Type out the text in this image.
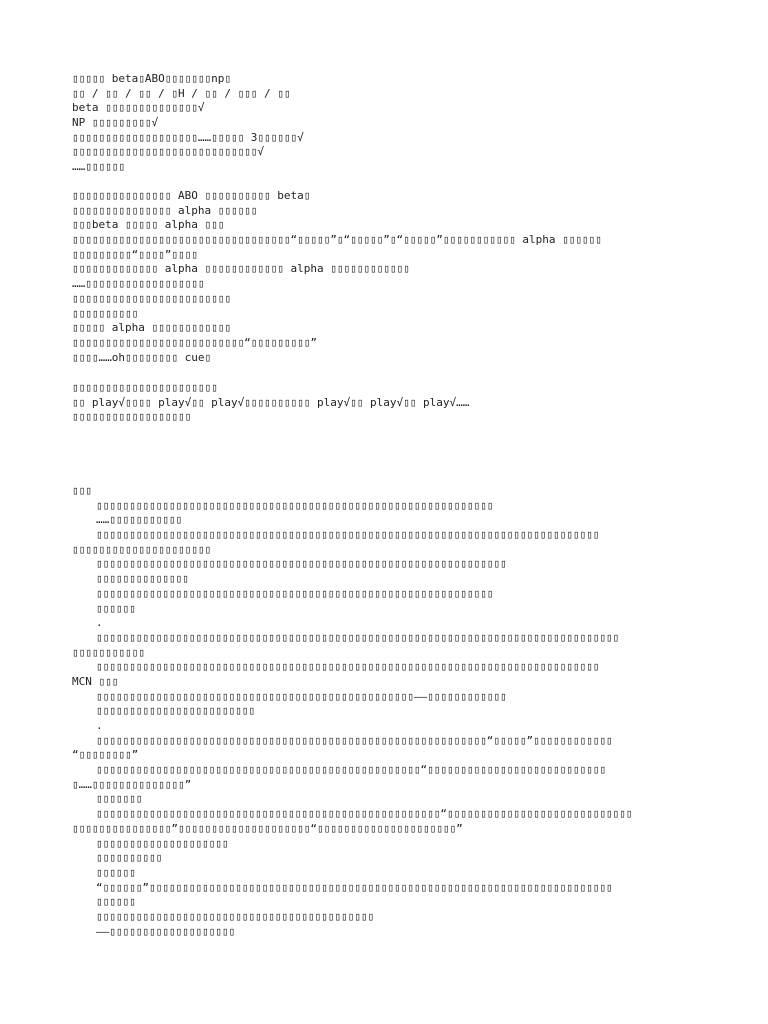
▯▯▯▯▯ beta▯ABO▯▯▯▯▯▯▯np▯
▯▯ / ▯▯ / ▯▯ / ▯H / ▯▯ / ▯▯▯ / ▯▯
beta ▯▯▯▯▯▯▯▯▯▯▯▯▯▯√
NP ▯▯▯▯▯▯▯▯▯√
▯▯▯▯▯▯▯▯▯▯▯▯▯▯▯▯▯▯▯……▯▯▯▯▯ 3▯▯▯▯▯▯√
▯▯▯▯▯▯▯▯▯▯▯▯▯▯▯▯▯▯▯▯▯▯▯▯▯▯▯▯√
……▯▯▯▯▯▯
▯▯▯▯▯▯▯▯▯▯▯▯▯▯▯ ABO ▯▯▯▯▯▯▯▯▯▯ beta▯
▯▯▯▯▯▯▯▯▯▯▯▯▯▯▯ alpha ▯▯▯▯▯▯
▯▯▯beta ▯▯▯▯▯ alpha ▯▯▯
▯▯▯▯▯▯▯▯▯▯▯▯▯▯▯▯▯▯▯▯▯▯▯▯▯▯▯▯▯▯▯▯▯“▯▯▯▯▯”▯“▯▯▯▯▯”▯“▯▯▯▯▯”▯▯▯▯▯▯▯▯▯▯▯ alpha ▯▯▯▯▯▯
▯▯▯▯▯▯▯▯▯“▯▯▯▯”▯▯▯▯
▯▯▯▯▯▯▯▯▯▯▯▯▯ alpha ▯▯▯▯▯▯▯▯▯▯▯▯ alpha ▯▯▯▯▯▯▯▯▯▯▯▯
……▯▯▯▯▯▯▯▯▯▯▯▯▯▯▯▯▯▯
▯▯▯▯▯▯▯▯▯▯▯▯▯▯▯▯▯▯▯▯▯▯▯▯
▯▯▯▯▯▯▯▯▯▯
▯▯▯▯▯ alpha ▯▯▯▯▯▯▯▯▯▯▯▯
▯▯▯▯▯▯▯▯▯▯▯▯▯▯▯▯▯▯▯▯▯▯▯▯▯▯“▯▯▯▯▯▯▯▯▯”
▯▯▯▯……oh▯▯▯▯▯▯▯▯ cue▯
▯▯▯▯▯▯▯▯▯▯▯▯▯▯▯▯▯▯▯▯▯▯
▯▯ play√▯▯▯▯ play√▯▯ play√▯▯▯▯▯▯▯▯▯▯ play√▯▯ play√▯▯ play√……
▯▯▯▯▯▯▯▯▯▯▯▯▯▯▯▯▯▯
▯▯▯
▯▯▯▯▯▯▯▯▯▯▯▯▯▯▯▯▯▯▯▯▯▯▯▯▯▯▯▯▯▯▯▯▯▯▯▯▯▯▯▯▯▯▯▯▯▯▯▯▯▯▯▯▯▯▯▯▯▯▯▯
……▯▯▯▯▯▯▯▯▯▯▯
▯▯▯▯▯▯▯▯▯▯▯▯▯▯▯▯▯▯▯▯▯▯▯▯▯▯▯▯▯▯▯▯▯▯▯▯▯▯▯▯▯▯▯▯▯▯▯▯▯▯▯▯▯▯▯▯▯▯▯▯▯▯▯▯▯▯▯▯▯▯▯▯▯▯▯▯
▯▯▯▯▯▯▯▯▯▯▯▯▯▯▯▯▯▯▯▯▯
▯▯▯▯▯▯▯▯▯▯▯▯▯▯▯▯▯▯▯▯▯▯▯▯▯▯▯▯▯▯▯▯▯▯▯▯▯▯▯▯▯▯▯▯▯▯▯▯▯▯▯▯▯▯▯▯▯▯▯▯▯▯
▯▯▯▯▯▯▯▯▯▯▯▯▯▯
▯▯▯▯▯▯▯▯▯▯▯▯▯▯▯▯▯▯▯▯▯▯▯▯▯▯▯▯▯▯▯▯▯▯▯▯▯▯▯▯▯▯▯▯▯▯▯▯▯▯▯▯▯▯▯▯▯▯▯▯
▯▯▯▯▯▯
.
▯▯▯▯▯▯▯▯▯▯▯▯▯▯▯▯▯▯▯▯▯▯▯▯▯▯▯▯▯▯▯▯▯▯▯▯▯▯▯▯▯▯▯▯▯▯▯▯▯▯▯▯▯▯▯▯▯▯▯▯▯▯▯▯▯▯▯▯▯▯▯▯▯▯▯▯▯▯▯
▯▯▯▯▯▯▯▯▯▯▯
▯▯▯▯▯▯▯▯▯▯▯▯▯▯▯▯▯▯▯▯▯▯▯▯▯▯▯▯▯▯▯▯▯▯▯▯▯▯▯▯▯▯▯▯▯▯▯▯▯▯▯▯▯▯▯▯▯▯▯▯▯▯▯▯▯▯▯▯▯▯▯▯▯▯▯▯
MCN ▯▯▯
▯▯▯▯▯▯▯▯▯▯▯▯▯▯▯▯▯▯▯▯▯▯▯▯▯▯▯▯▯▯▯▯▯▯▯▯▯▯▯▯▯▯▯▯▯▯▯▯——▯▯▯▯▯▯▯▯▯▯▯▯
▯▯▯▯▯▯▯▯▯▯▯▯▯▯▯▯▯▯▯▯▯▯▯▯
.
▯▯▯▯▯▯▯▯▯▯▯▯▯▯▯▯▯▯▯▯▯▯▯▯▯▯▯▯▯▯▯▯▯▯▯▯▯▯▯▯▯▯▯▯▯▯▯▯▯▯▯▯▯▯▯▯▯▯▯“▯▯▯▯▯”▯▯▯▯▯▯▯▯▯▯▯▯
“▯▯▯▯▯▯▯▯”
▯▯▯▯▯▯▯▯▯▯▯▯▯▯▯▯▯▯▯▯▯▯▯▯▯▯▯▯▯▯▯▯▯▯▯▯▯▯▯▯▯▯▯▯▯▯▯▯▯“▯▯▯▯▯▯▯▯▯▯▯▯▯▯▯▯▯▯▯▯▯▯▯▯▯▯▯
▯……▯▯▯▯▯▯▯▯▯▯▯▯▯▯”
▯▯▯▯▯▯▯
▯▯▯▯▯▯▯▯▯▯▯▯▯▯▯▯▯▯▯▯▯▯▯▯▯▯▯▯▯▯▯▯▯▯▯▯▯▯▯▯▯▯▯▯▯▯▯▯▯▯▯▯“▯▯▯▯▯▯▯▯▯▯▯▯▯▯▯▯▯▯▯▯▯▯▯▯▯▯▯▯
▯▯▯▯▯▯▯▯▯▯▯▯▯▯▯”▯▯▯▯▯▯▯▯▯▯▯▯▯▯▯▯▯▯▯▯“▯▯▯▯▯▯▯▯▯▯▯▯▯▯▯▯▯▯▯▯▯”
▯▯▯▯▯▯▯▯▯▯▯▯▯▯▯▯▯▯▯▯
▯▯▯▯▯▯▯▯▯▯
▯▯▯▯▯▯
“▯▯▯▯▯▯”▯▯▯▯▯▯▯▯▯▯▯▯▯▯▯▯▯▯▯▯▯▯▯▯▯▯▯▯▯▯▯▯▯▯▯▯▯▯▯▯▯▯▯▯▯▯▯▯▯▯▯▯▯▯▯▯▯▯▯▯▯▯▯▯▯▯▯▯▯▯
▯▯▯▯▯▯
▯▯▯▯▯▯▯▯▯▯▯▯▯▯▯▯▯▯▯▯▯▯▯▯▯▯▯▯▯▯▯▯▯▯▯▯▯▯▯▯▯▯
——▯▯▯▯▯▯▯▯▯▯▯▯▯▯▯▯▯▯▯
